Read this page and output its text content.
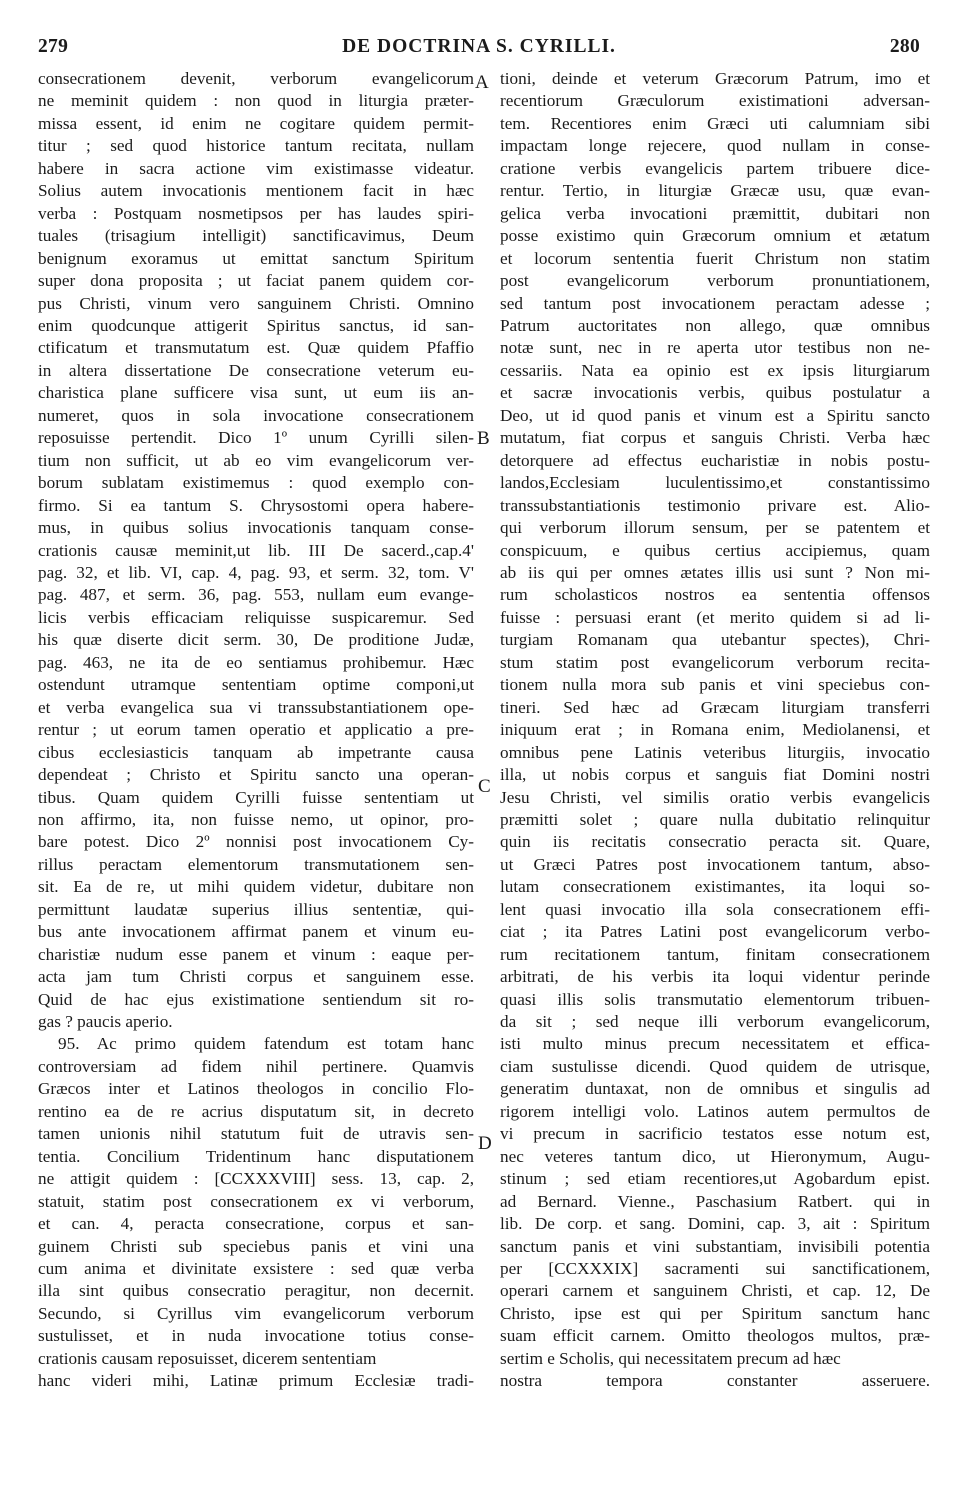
279	DE DOCTRINA S. CYRILLI.	280
consecrationem devenit, verborum evangelicorum
ne meminit quidem : non quod in liturgia prӕter-
missa essent, id enim ne cogitare quidem permit-
titur ; sed quod historice tantum recitata, nullam
habere in sacra actione vim existimasse videatur.
Solius autem invocationis mentionem facit in hӕc
verba : Postquam nosmetipsos per has laudes spiri-
tuales (trisagium intelligit) sanctificavimus, Deum
benignum exoramus ut emittat sanctum Spiritum
super dona proposita ; ut faciat panem quidem cor-
pus Christi, vinum vero sanguinem Christi. Omnino
enim quodcunque attigerit Spiritus sanctus, id san-
ctificatum et transmutatum est. Quӕ quidem Pfaffio
in altera dissertatione De consecratione veterum eu-
charistica plane sufficere visa sunt, ut eum iis an-
numeret, quos in sola invocatione consecrationem
reposuisse pertendit. Dico 1º unum Cyrilli silen-
tium non sufficit, ut ab eo vim evangelicorum ver-
borum sublatam existimemus : quod exemplo con-
firmo. Si ea tantum S. Chrysostomi opera habere-
mus, in quibus solius invocationis tanquam conse-
crationis causӕ meminit,ut lib. III De sacerd.,cap.4'
pag. 32, et lib. VI, cap. 4, pag. 93, et serm. 32, tom. V'
pag. 487, et serm. 36, pag. 553, nullam eum evange-
licis verbis efficaciam reliquisse suspicaremur. Sed
his quӕ diserte dicit serm. 30, De proditione Judӕ,
pag. 463, ne ita de eo sentiamus prohibemur. Hӕc
ostendunt utramque sententiam optime componi,ut
et verba evangelica sua vi transsubstantiationem ope-
rentur ; ut eorum tamen operatio et applicatio a pre-
cibus ecclesiasticis tanquam ab impetrante causa
dependeat ; Christo et Spiritu sancto una operan-
tibus. Quam quidem Cyrilli fuisse sententiam ut
non affirmo, ita, non fuisse nemo, ut opinor, pro-
bare potest. Dico 2º nonnisi post invocationem Cy-
rillus peractam elementorum transmutationem sen-
sit. Ea de re, ut mihi quidem videtur, dubitare non
permittunt laudatӕ superius illius sententiӕ, qui-
bus ante invocationem affirmat panem et vinum eu-
charistiӕ nudum esse panem et vinum : eaque per-
acta jam tum Christi corpus et sanguinem esse.
Quid de hac ejus existimatione sentiendum sit ro-
gas ? paucis aperio.
95. Ac primo quidem fatendum est totam hanc
controversiam ad fidem nihil pertinere. Quamvis
Grӕcos inter et Latinos theologos in concilio Flo-
rentino ea de re acrius disputatum sit, in decreto
tamen unionis nihil statutum fuit de utravis sen-
tentia. Concilium Tridentinum hanc disputationem
ne attigit quidem : [CCXXXVIII] sess. 13, cap. 2,
statuit, statim post consecrationem ex vi verborum,
et can. 4, peracta consecratione, corpus et san-
guinem Christi sub speciebus panis et vini una
cum anima et divinitate exsistere : sed quӕ verba
illa sint quibus consecratio peragitur, non decernit.
Secundo, si Cyrillus vim evangelicorum verborum
sustulisset, et in nuda invocatione totius conse-
crationis causam reposuisset, dicerem sententiam
hanc videri mihi, Latinӕ primum Ecclesiӕ tradi-
tioni, deinde et veterum Grӕcorum Patrum, imo et
recentiorum Grӕculorum existimationi adversan-
tem. Recentiores enim Grӕci uti calumniam sibi
impactam longe rejecere, quod nullam in conse-
cratione verbis evangelicis partem tribuere dice-
rentur. Tertio, in liturgiӕ Grӕcӕ usu, quӕ evan-
gelica verba invocationi prӕmittit, dubitari non
posse existimo quin Grӕcorum omnium et ӕtatum
et locorum sententia fuerit Christum non statim
post evangelicorum verborum pronuntiationem,
sed tantum post invocationem peractam adesse ;
Patrum auctoritates non allego, quӕ omnibus
notӕ sunt, nec in re aperta utor testibus non ne-
cessariis. Nata ea opinio est ex ipsis liturgiarum
et sacrӕ invocationis verbis, quibus postulatur a
Deo, ut id quod panis et vinum est a Spiritu sancto
mutatum, fiat corpus et sanguis Christi. Verba hӕc
detorquere ad effectus eucharistiӕ in nobis postu-
landos,Ecclesiam luculentissimo,et constantissimo
transsubstantiationis testimonio privare est. Alio-
qui verborum illorum sensum, per se patentem et
conspicuum, e quibus certius accipiemus, quam
ab iis qui per omnes ӕtates illis usi sunt ? Non mi-
rum scholasticos nostros ea sententia offensos
fuisse : persuasi erant (et merito quidem si ad li-
turgiam Romanam qua utebantur spectes), Chri-
stum statim post evangelicorum verborum recita-
tionem nulla mora sub panis et vini speciebus con-
tineri. Sed hӕc ad Grӕcam liturgiam transferri
iniquum erat ; in Romana enim, Mediolanensi, et
omnibus pene Latinis veteribus liturgiis, invocatio
illa, ut nobis corpus et sanguis fiat Domini nostri
Jesu Christi, vel similis oratio verbis evangelicis
prӕmitti solet ; quare nulla dubitatio relinquitur
quin iis recitatis consecratio peracta sit. Quare,
ut Grӕci Patres post invocationem tantum, abso-
lutam consecrationem existimantes, ita loqui so-
lent quasi invocatio illa sola consecrationem effi-
ciat ; ita Patres Latini post evangelicorum verbo-
rum recitationem tantum, finitam consecrationem
arbitrati, de his verbis ita loqui videntur perinde
quasi illis solis transmutatio elementorum tribuen-
da sit ; sed neque illi verborum evangelicorum,
isti multo minus precum necessitatem et effica-
ciam sustulisse dicendi. Quod quidem de utrisque,
generatim duntaxat, non de omnibus et singulis ad
rigorem intelligi volo. Latinos autem permultos de
vi precum in sacrificio testatos esse notum est,
nec veteres tantum dico, ut Hieronymum, Augu-
stinum ; sed etiam recentiores,ut Agobardum epist.
ad Bernard. Vienne., Paschasium Ratbert. qui in
lib. De corp. et sang. Domini, cap. 3, ait : Spiritum
sanctum panis et vini substantiam, invisibili potentia
per [CCXXXIX] sacramenti sui sanctificationem,
operari carnem et sanguinem Christi, et cap. 12, De
Christo, ipse est qui per Spiritum sanctum hanc
suam efficit carnem. Omitto theologos multos, prӕ-
sertim e Scholis, qui necessitatem precum ad hӕc
nostra tempora constanter asseruere.
A
B
C
D
